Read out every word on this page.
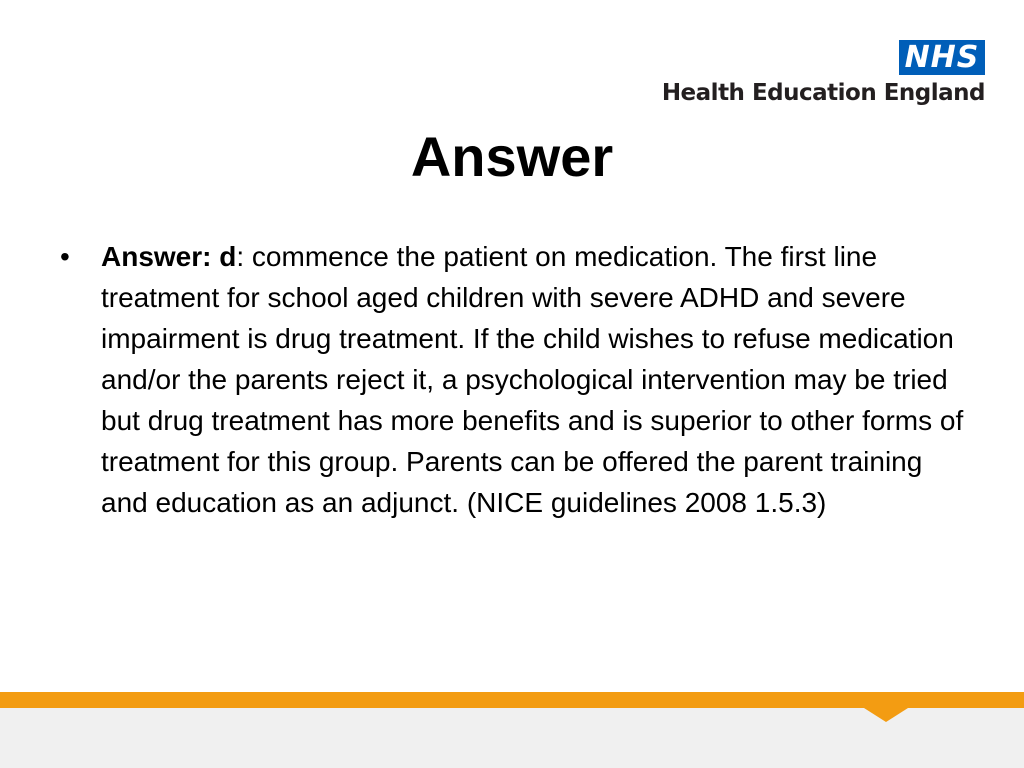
NHS
Health Education England
Answer
• Answer: d: commence the patient on medication. The first line treatment for school aged children with severe ADHD and severe impairment is drug treatment. If the child wishes to refuse medication and/or the parents reject it, a psychological intervention may be tried but drug treatment has more benefits and is superior to other forms of treatment for this group. Parents can be offered the parent training and education as an adjunct. (NICE guidelines 2008 1.5.3)
